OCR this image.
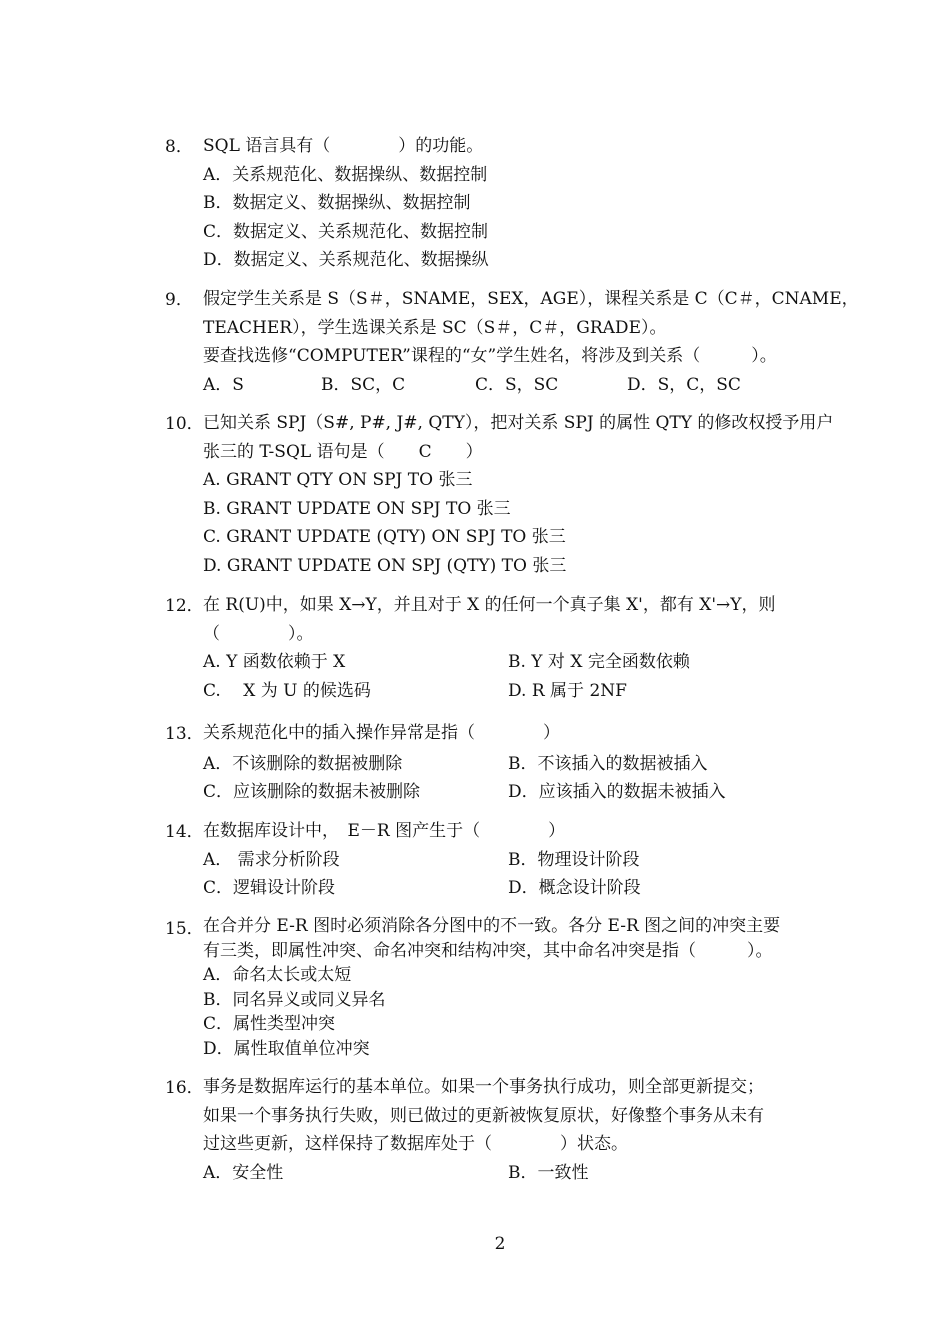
8． SQL 语言具有（　　　　）的功能。
A．关系规范化、数据操纵、数据控制
B．数据定义、数据操纵、数据控制
C．数据定义、关系规范化、数据控制
D．数据定义、关系规范化、数据操纵
9． 假定学生关系是 S（S＃，SNAME，SEX，AGE），课程关系是 C（C＃，CNAME，
TEACHER），学生选课关系是 SC（S＃，C＃，GRADE）。
要查找选修“COMPUTER”课程的“女”学生姓名，将涉及到关系（　　　）。
A．S	B．SC，C	C．S，SC	D．S，C，SC
10． 已知关系 SPJ（S#, P#, J#, QTY），把对关系 SPJ 的属性 QTY 的修改权授予用户
张三的 T-SQL 语句是（　　C　　）
A. GRANT QTY ON SPJ TO 张三
B. GRANT UPDATE ON SPJ TO 张三
C. GRANT UPDATE (QTY) ON SPJ TO 张三
D. GRANT UPDATE ON SPJ (QTY) TO 张三
12． 在 R(U)中，如果 X→Y，并且对于 X 的任何一个真子集 X'，都有 X'→Y，则
（　　　　）。
A. Y 函数依赖于 X	B. Y 对 X 完全函数依赖
C.　 X 为 U 的候选码	D. R 属于 2NF
13． 关系规范化中的插入操作异常是指（　　　　）
A．不该删除的数据被删除	B．不该插入的数据被插入
C．应该删除的数据未被删除	D．应该插入的数据未被插入
14． 在数据库设计中，　E－R 图产生于（　　　　）
A． 需求分析阶段	B．物理设计阶段
C．逻辑设计阶段	D．概念设计阶段
15． 在合并分 E-R 图时必须消除各分图中的不一致。各分 E-R 图之间的冲突主要
有三类，即属性冲突、命名冲突和结构冲突，其中命名冲突是指（　　　）。
A．命名太长或太短
B．同名异义或同义异名
C．属性类型冲突
D．属性取值单位冲突
16． 事务是数据库运行的基本单位。如果一个事务执行成功，则全部更新提交；
如果一个事务执行失败，则已做过的更新被恢复原状，好像整个事务从未有
过这些更新，这样保持了数据库处于（　　　　）状态。
A．安全性	B．一致性
2
